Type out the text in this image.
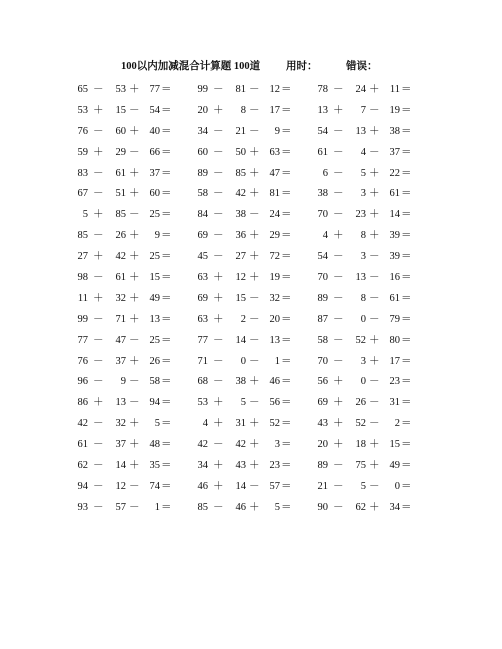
100以内加减混合计算题 100道 用时：	错误：
65 －	53 ＋ 77 ＝
53 ＋	15 － 54 ＝
76 －	60 ＋ 40 ＝
59 ＋	29 － 66 ＝
83 －	61 ＋ 37 ＝
67 －	51 ＋ 60 ＝
5 ＋	85 － 25 ＝
85 －	26 ＋	9 ＝
27 ＋	42 ＋ 25 ＝
98 －	61 ＋ 15 ＝
11 ＋	32 ＋ 49 ＝
99 －	71 ＋ 13 ＝
77 －	47 － 25 ＝
76 －	37 ＋ 26 ＝
96 －	9 － 58 ＝
86 ＋	13 － 94 ＝
42 －	32 ＋	5 ＝
61 －	37 ＋ 48 ＝
62 －	14 ＋ 35 ＝
94 －	12 － 74 ＝
93 －	57 －	1 ＝
99 －	81 － 12 ＝
20 ＋	8 － 17 ＝
34 －	21 －	9 ＝
60 －	50 ＋ 63 ＝
89 －	85 ＋ 47 ＝
58 －	42 ＋ 81 ＝
84 －	38 － 24 ＝
69 －	36 ＋ 29 ＝
45 －	27 ＋ 72 ＝
63 ＋	12 ＋ 19 ＝
69 ＋	15 － 32 ＝
63 ＋	2 － 20 ＝
77 －	14 － 13 ＝
71 －	0 －	1 ＝
68 －	38 ＋ 46 ＝
53 ＋	5 － 56 ＝
4 ＋	31 ＋ 52 ＝
42 －	42 ＋	3 ＝
34 ＋	43 ＋ 23 ＝
46 ＋	14 － 57 ＝
85 －	46 ＋	5 ＝
78 －	24 ＋ 11 ＝
13 ＋	7 － 19 ＝
54 －	13 ＋ 38 ＝
61 －	4 － 37 ＝
6 －	5 ＋ 22 ＝
38 －	3 ＋ 61 ＝
70 －	23 ＋ 14 ＝
4 ＋	8 ＋ 39 ＝
54 －	3 － 39 ＝
70 －	13 － 16 ＝
89 －	8 － 61 ＝
87 －	0 － 79 ＝
58 －	52 ＋ 80 ＝
70 －	3 ＋ 17 ＝
56 ＋	0 － 23 ＝
69 ＋	26 － 31 ＝
43 ＋	52 －	2 ＝
20 ＋	18 ＋ 15 ＝
89 －	75 ＋ 49 ＝
21 －	5 －	0 ＝
90 －	62 ＋ 34 ＝
